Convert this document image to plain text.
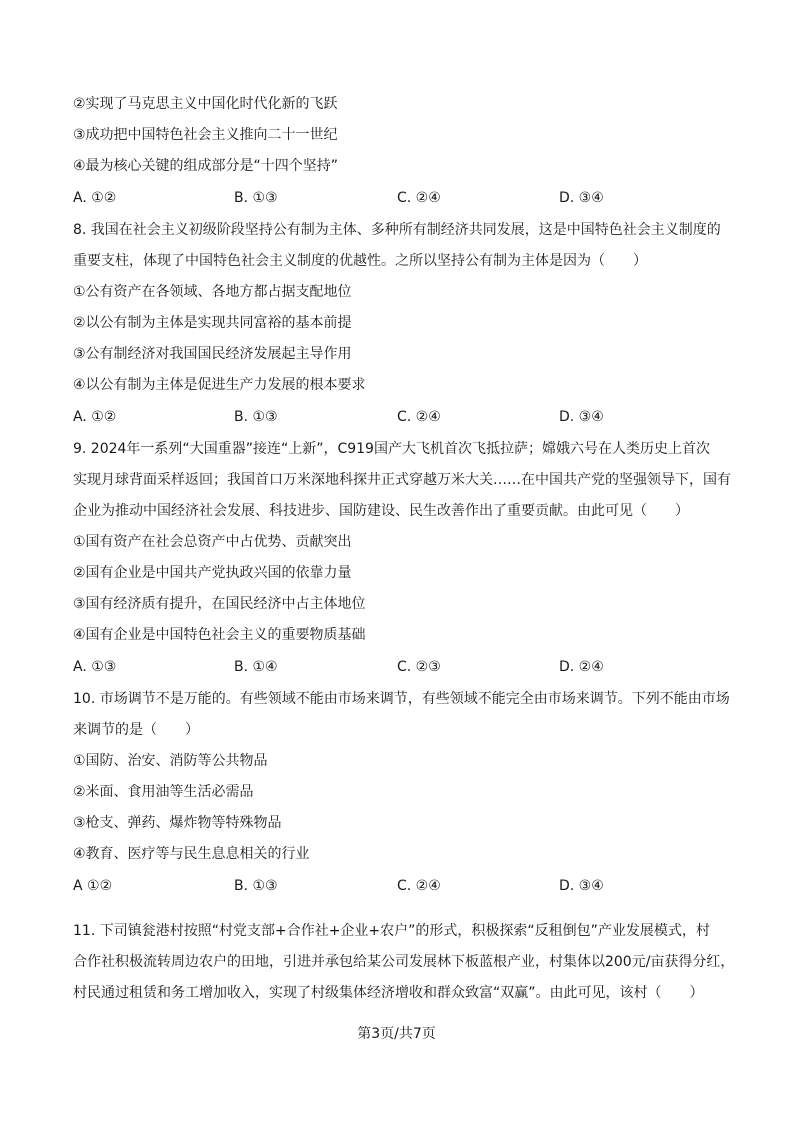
②实现了马克思主义中国化时代化新的飞跃
③成功把中国特色社会主义推向二十一世纪
④最为核心关键的组成部分是“十四个坚持”
A. ①②	B. ①③	C. ②④	D. ③④
8. 我国在社会主义初级阶段坚持公有制为主体、多种所有制经济共同发展，这是中国特色社会主义制度的
重要支柱，体现了中国特色社会主义制度的优越性。之所以坚持公有制为主体是因为（　　）
①公有资产在各领域、各地方都占据支配地位
②以公有制为主体是实现共同富裕的基本前提
③公有制经济对我国国民经济发展起主导作用
④以公有制为主体是促进生产力发展的根本要求
A. ①②	B. ①③	C. ②④	D. ③④
9. 2024年一系列“大国重器”接连“上新”，C919国产大飞机首次飞抵拉萨；嫦娥六号在人类历史上首次
实现月球背面采样返回；我国首口万米深地科探井正式穿越万米大关……在中国共产党的坚强领导下，国有
企业为推动中国经济社会发展、科技进步、国防建设、民生改善作出了重要贡献。由此可见（　　）
①国有资产在社会总资产中占优势、贡献突出
②国有企业是中国共产党执政兴国的依靠力量
③国有经济质有提升，在国民经济中占主体地位
④国有企业是中国特色社会主义的重要物质基础
A. ①③	B. ①④	C. ②③	D. ②④
10. 市场调节不是万能的。有些领域不能由市场来调节，有些领域不能完全由市场来调节。下列不能由市场
来调节的是（　　）
①国防、治安、消防等公共物品
②米面、食用油等生活必需品
③枪支、弹药、爆炸物等特殊物品
④教育、医疗等与民生息息相关的行业
A ①②	B. ①③	C. ②④	D. ③④
11. 下司镇瓮港村按照“村党支部+合作社+企业+农户”的形式，积极探索“反租倒包”产业发展模式，村
合作社积极流转周边农户的田地，引进并承包给某公司发展林下板蓝根产业，村集体以200元/亩获得分红，
村民通过租赁和务工增加收入，实现了村级集体经济增收和群众致富“双赢”。由此可见，该村（　　）
第3页/共7页
